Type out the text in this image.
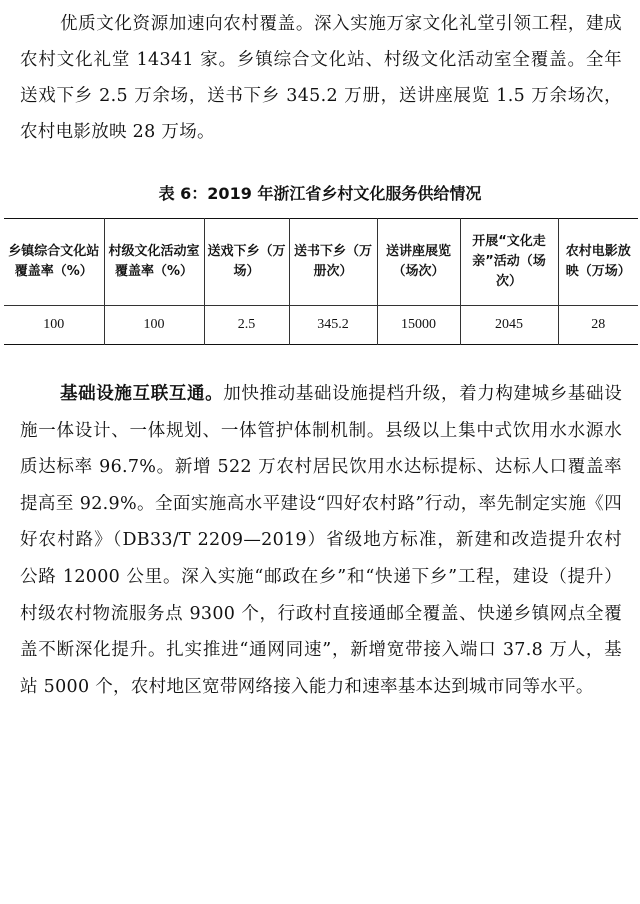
优质文化资源加速向农村覆盖。深入实施万家文化礼堂引领工程，建成农村文化礼堂 14341 家。乡镇综合文化站、村级文化活动室全覆盖。全年送戏下乡 2.5 万余场，送书下乡 345.2 万册，送讲座展览 1.5 万余场次，农村电影放映 28 万场。

表 6：2019 年浙江省乡村文化服务供给情况
乡镇综合文化站覆盖率（%）	村级文化活动室覆盖率（%）	送戏下乡（万场）	送书下乡（万册次）	送讲座展览（场次）	开展“文化走亲”活动（场次）	农村电影放映（万场）
100	100	2.5	345.2	15000	2045	28

基础设施互联互通。加快推动基础设施提档升级，着力构建城乡基础设施一体设计、一体规划、一体管护体制机制。县级以上集中式饮用水水源水质达标率 96.7%。新增 522 万农村居民饮用水达标提标、达标人口覆盖率提高至 92.9%。全面实施高水平建设“四好农村路”行动，率先制定实施《四好农村路》（DB33/T 2209—2019）省级地方标准，新建和改造提升农村公路 12000 公里。深入实施“邮政在乡”和“快递下乡”工程，建设（提升）村级农村物流服务点 9300 个，行政村直接通邮全覆盖、快递乡镇网点全覆盖不断深化提升。扎实推进“通网同速”，新增宽带接入端口 37.8 万人，基站 5000 个，农村地区宽带网络接入能力和速率基本达到城市同等水平。
